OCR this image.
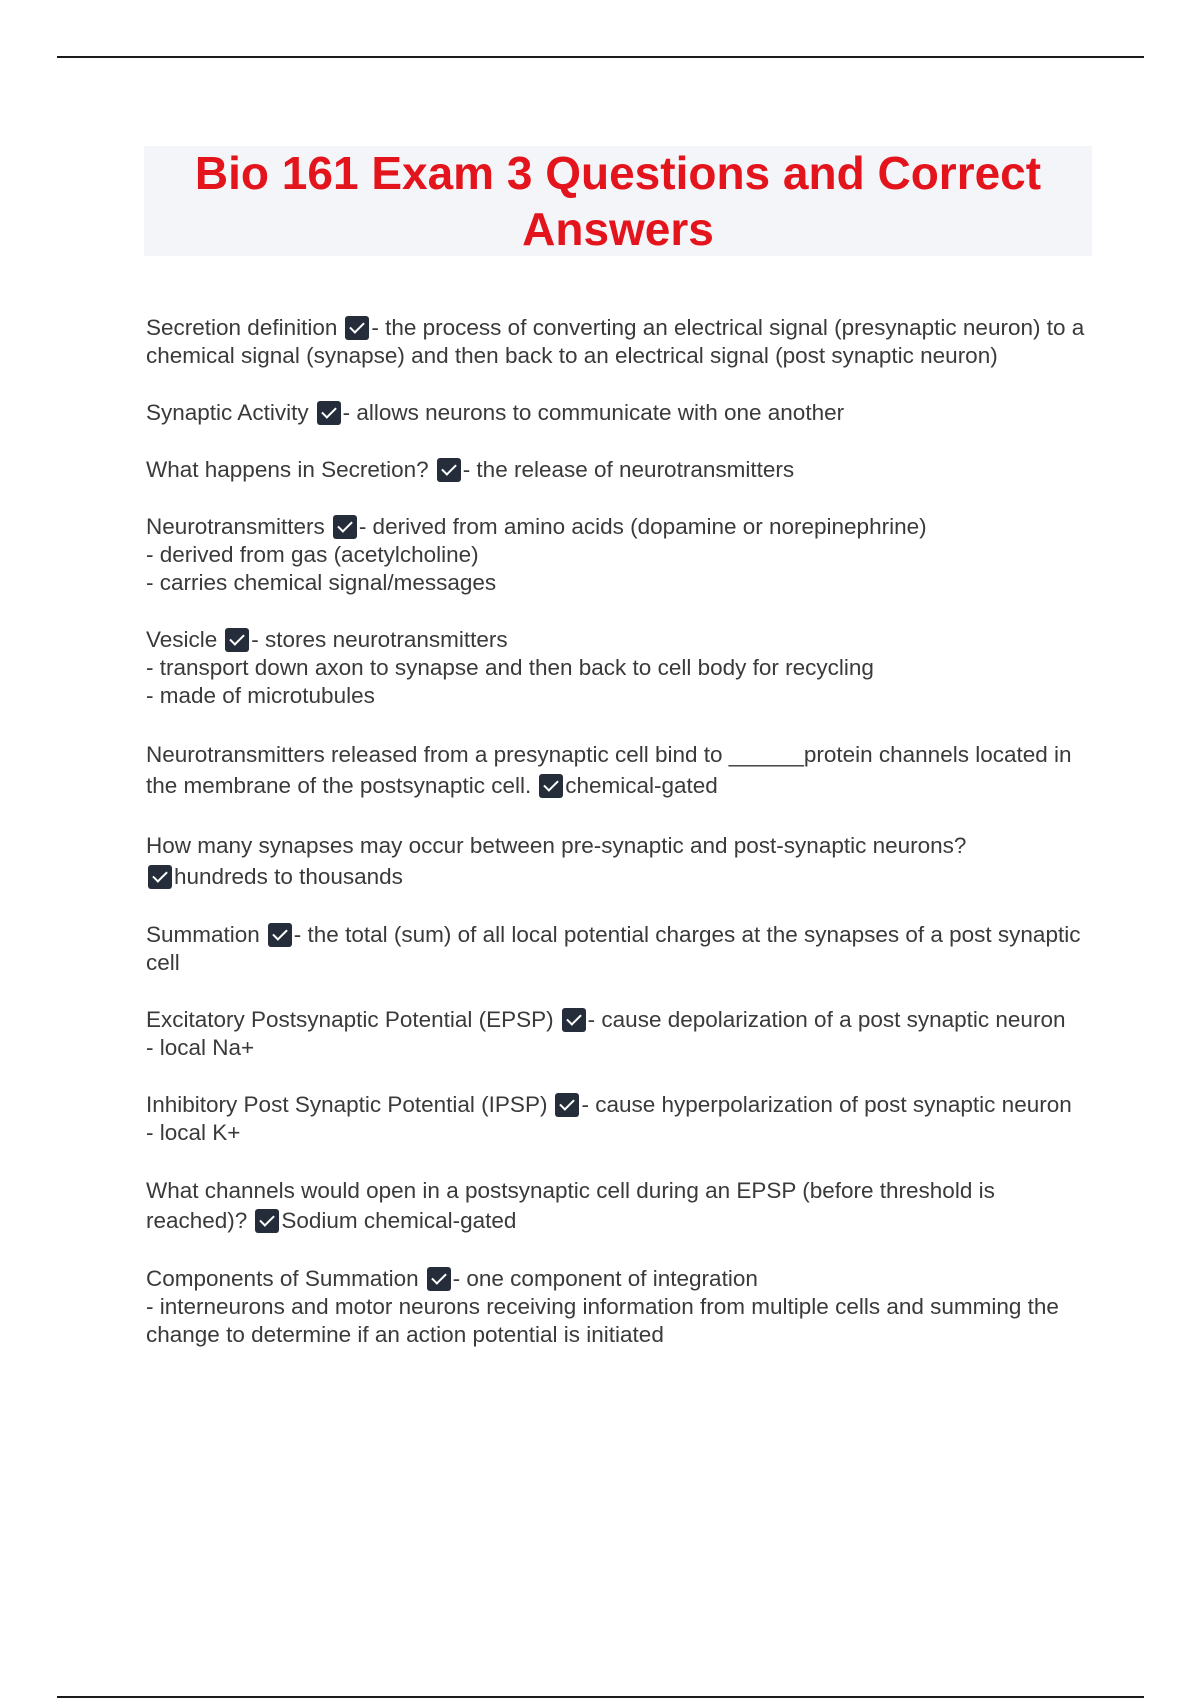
Bio 161 Exam 3 Questions and Correct Answers
Secretion definition - the process of converting an electrical signal (presynaptic neuron) to a chemical signal (synapse) and then back to an electrical signal (post synaptic neuron)
Synaptic Activity - allows neurons to communicate with one another
What happens in Secretion? - the release of neurotransmitters
Neurotransmitters - derived from amino acids (dopamine or norepinephrine)
- derived from gas (acetylcholine)
- carries chemical signal/messages
Vesicle - stores neurotransmitters
- transport down axon to synapse and then back to cell body for recycling
- made of microtubules
Neurotransmitters released from a presynaptic cell bind to ______protein channels located in the membrane of the postsynaptic cell. chemical-gated
How many synapses may occur between pre-synaptic and post-synaptic neurons?
hundreds to thousands
Summation - the total (sum) of all local potential charges at the synapses of a post synaptic cell
Excitatory Postsynaptic Potential (EPSP) - cause depolarization of a post synaptic neuron
- local Na+
Inhibitory Post Synaptic Potential (IPSP) - cause hyperpolarization of post synaptic neuron
- local K+
What channels would open in a postsynaptic cell during an EPSP (before threshold is reached)? Sodium chemical-gated
Components of Summation - one component of integration
- interneurons and motor neurons receiving information from multiple cells and summing the change to determine if an action potential is initiated
